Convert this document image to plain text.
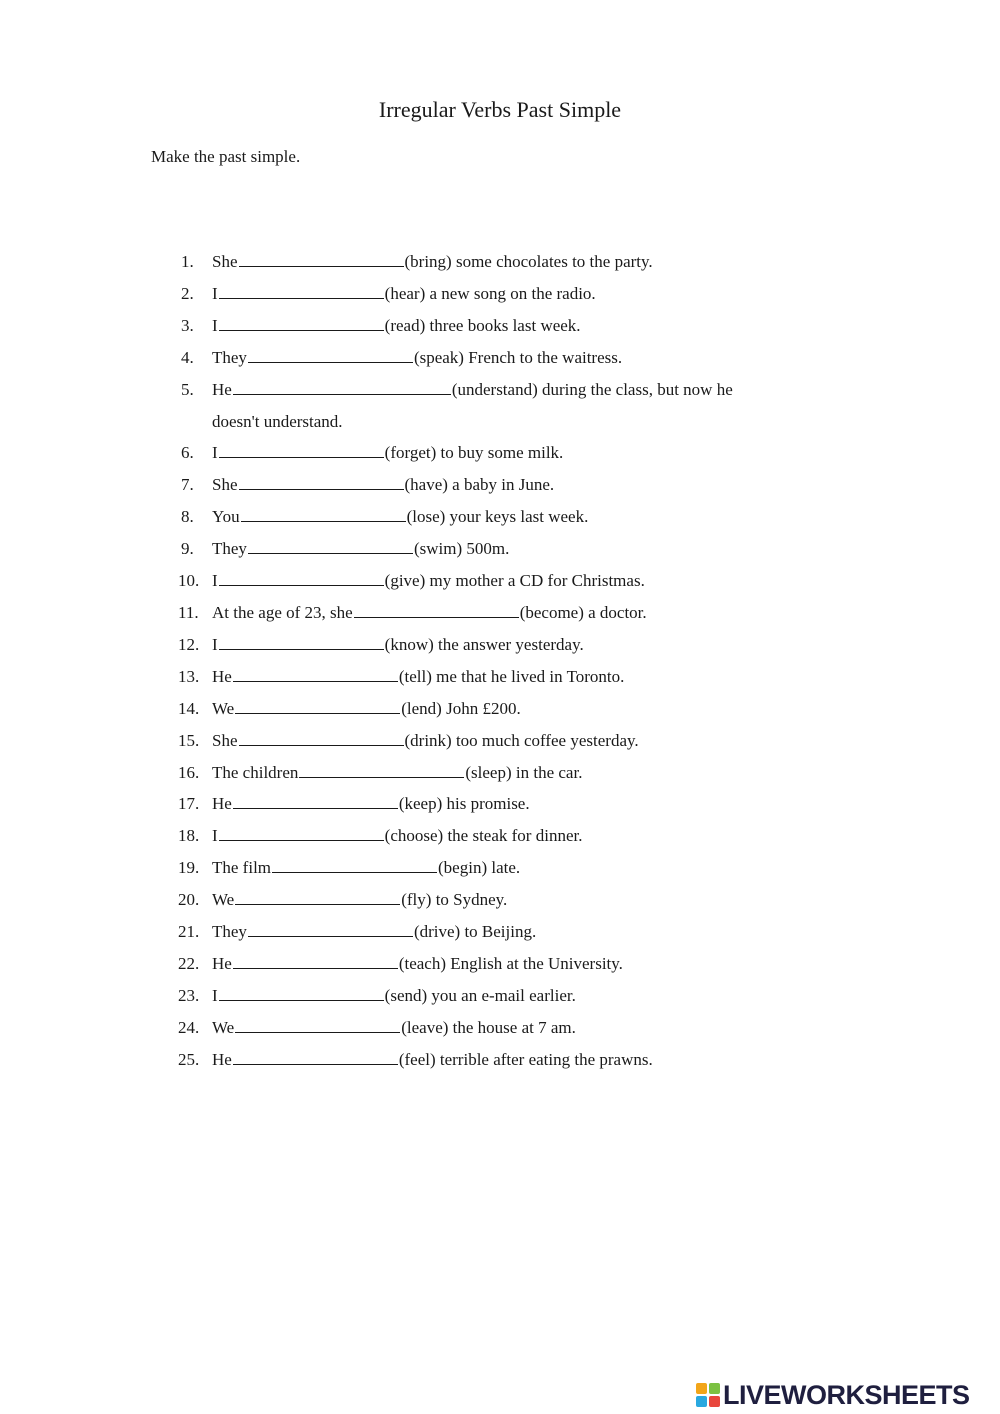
Irregular Verbs Past Simple
Make the past simple.
1.	She	(bring) some chocolates to the party.
2.	I	(hear) a new song on the radio.
3.	I	(read) three books last week.
4.	They	(speak) French to the waitress.
5.	He	(understand) during the class, but now he
doesn't understand.
6.	I	(forget) to buy some milk.
7.	She	(have) a baby in June.
8.	You	(lose) your keys last week.
9.	They	(swim) 500m.
10. I	(give) my mother a CD for Christmas.
11. At the age of 23, she	(become) a doctor.
12. I	(know) the answer yesterday.
13. He	(tell) me that he lived in Toronto.
14. We	(lend) John £200.
15. She	(drink) too much coffee yesterday.
16. The children	(sleep) in the car.
17. He	(keep) his promise.
18. I	(choose) the steak for dinner.
19. The film	(begin) late.
20. We	(fly) to Sydney.
21. They	(drive) to Beijing.
22. He	(teach) English at the University.
23. I	(send) you an e-mail earlier.
24. We	(leave) the house at 7 am.
25. He	(feel) terrible after eating the prawns.
LIVEWORKSHEETS
